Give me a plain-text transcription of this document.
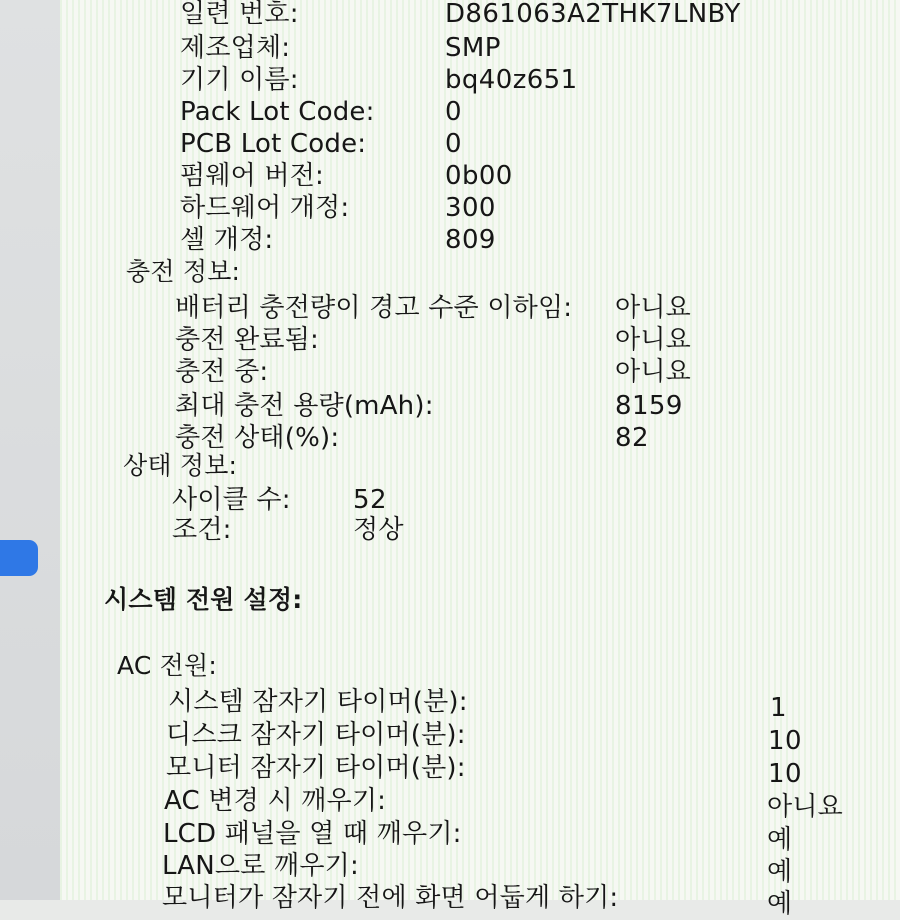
일련 번호:	D861063A2THK7LNBY
제조업체:	SMP
기기 이름:	bq40z651
Pack Lot Code:	0
PCB Lot Code:	0
펌웨어 버전:	0b00
하드웨어 개정:	300
셀 개정:	809
충전 정보:
배터리 충전량이 경고 수준 이하임: 아니요
충전 완료됨:	아니요
충전 중:	아니요
최대 충전 용량(mAh):	8159
충전 상태(%):	82
상태 정보:
사이클 수: 52
조건:	정상
시스템 전원 설정:
AC 전원:
시스템 잠자기 타이머(분):	1
디스크 잠자기 타이머(분):	10
모니터 잠자기 타이머(분):	10
AC 변경 시 깨우기:	아니요
LCD 패널을 열 때 깨우기:	예
LAN으로 깨우기:	예
모니터가 잠자기 전에 화면 어둡게 하기:	예
